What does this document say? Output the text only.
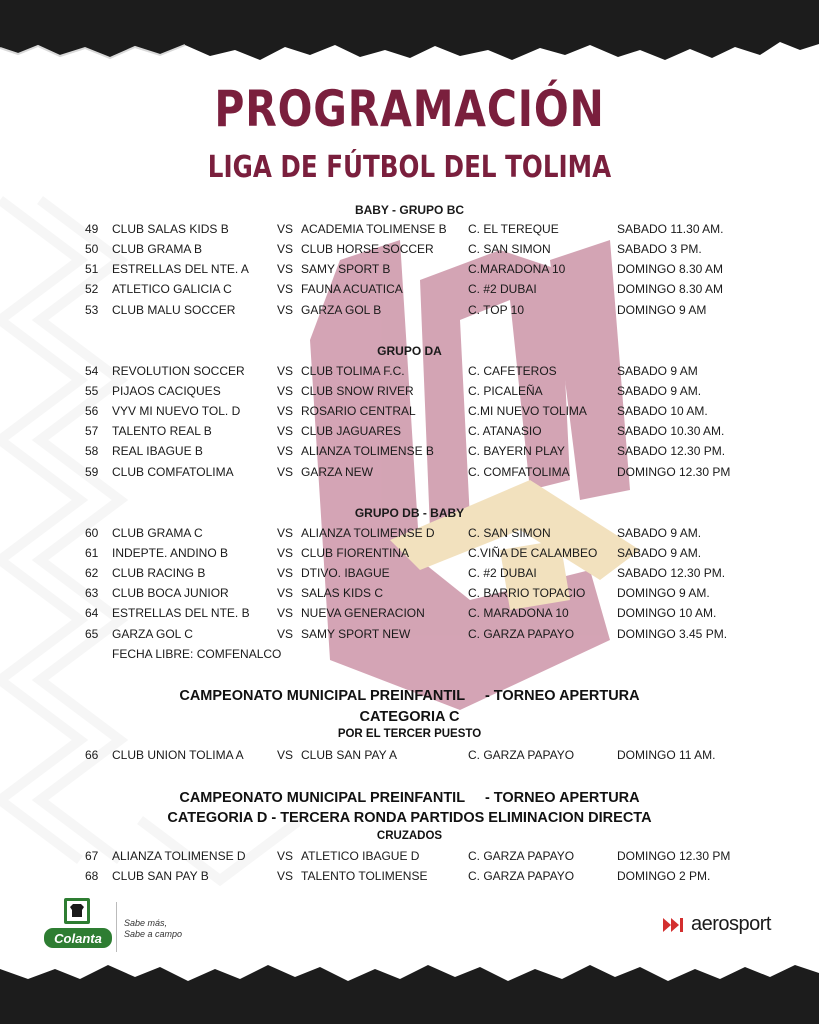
PROGRAMACIÓN
LIGA DE FÚTBOL DEL TOLIMA
BABY - GRUPO BC
49 CLUB SALAS KIDS B	VS ACADEMIA TOLIMENSE B C. EL TEREQUE	SABADO 11.30 AM.
50 CLUB GRAMA B	VS CLUB HORSE SOCCER	C. SAN SIMON	SABADO 3 PM.
51 ESTRELLAS DEL NTE. A VS SAMY SPORT B	C.MARADONA 10	DOMINGO 8.30 AM
52 ATLETICO GALICIA C	VS FAUNA ACUATICA	C. #2 DUBAI	DOMINGO 8.30 AM
53 CLUB MALU SOCCER	VS GARZA GOL B	C. TOP 10	DOMINGO 9 AM
GRUPO DA
54 REVOLUTION SOCCER	VS CLUB TOLIMA F.C.	C. CAFETEROS	SABADO 9 AM
55 PIJAOS CACIQUES	VS CLUB SNOW RIVER	C. PICALEÑA	SABADO 9 AM.
56 VYV MI NUEVO TOL. D	VS ROSARIO CENTRAL	C.MI NUEVO TOLIMA	SABADO 10 AM.
57 TALENTO REAL B	VS CLUB JAGUARES	C. ATANASIO	SABADO 10.30 AM.
58 REAL IBAGUE B	VS ALIANZA TOLIMENSE B	C. BAYERN PLAY	SABADO 12.30 PM.
59 CLUB COMFATOLIMA	VS GARZA NEW	C. COMFATOLIMA	DOMINGO 12.30 PM
GRUPO DB - BABY
60 CLUB GRAMA C	VS ALIANZA TOLIMENSE D	C. SAN SIMON	SABADO 9 AM.
61 INDEPTE. ANDINO B	VS CLUB FIORENTINA	C.VIÑA DE CALAMBEO SABADO 9 AM.
62 CLUB RACING B	VS DTIVO. IBAGUE	C. #2 DUBAI	SABADO 12.30 PM.
63 CLUB BOCA JUNIOR	VS SALAS KIDS C	C. BARRIO TOPACIO	DOMINGO 9 AM.
64 ESTRELLAS DEL NTE. B VS NUEVA GENERACION	C. MARADONA 10	DOMINGO 10 AM.
65 GARZA GOL C	VS SAMY SPORT NEW	C. GARZA PAPAYO	DOMINGO 3.45 PM.
FECHA LIBRE: COMFENALCO
CAMPEONATO MUNICIPAL PREINFANTIL     - TORNEO APERTURA
CATEGORIA C
POR EL TERCER PUESTO
66 CLUB UNION TOLIMA A	VS CLUB SAN PAY A	C. GARZA PAPAYO	DOMINGO 11 AM.
CAMPEONATO MUNICIPAL PREINFANTIL     - TORNEO APERTURA
CATEGORIA D - TERCERA RONDA PARTIDOS ELIMINACION DIRECTA
CRUZADOS
67 ALIANZA TOLIMENSE D	VS ATLETICO IBAGUE D	C. GARZA PAPAYO	DOMINGO 12.30 PM
68 CLUB SAN PAY B	VS TALENTO TOLIMENSE	C. GARZA PAPAYO	DOMINGO 2 PM.
Colanta
Sabe más,
Sabe a campo	aerosport
